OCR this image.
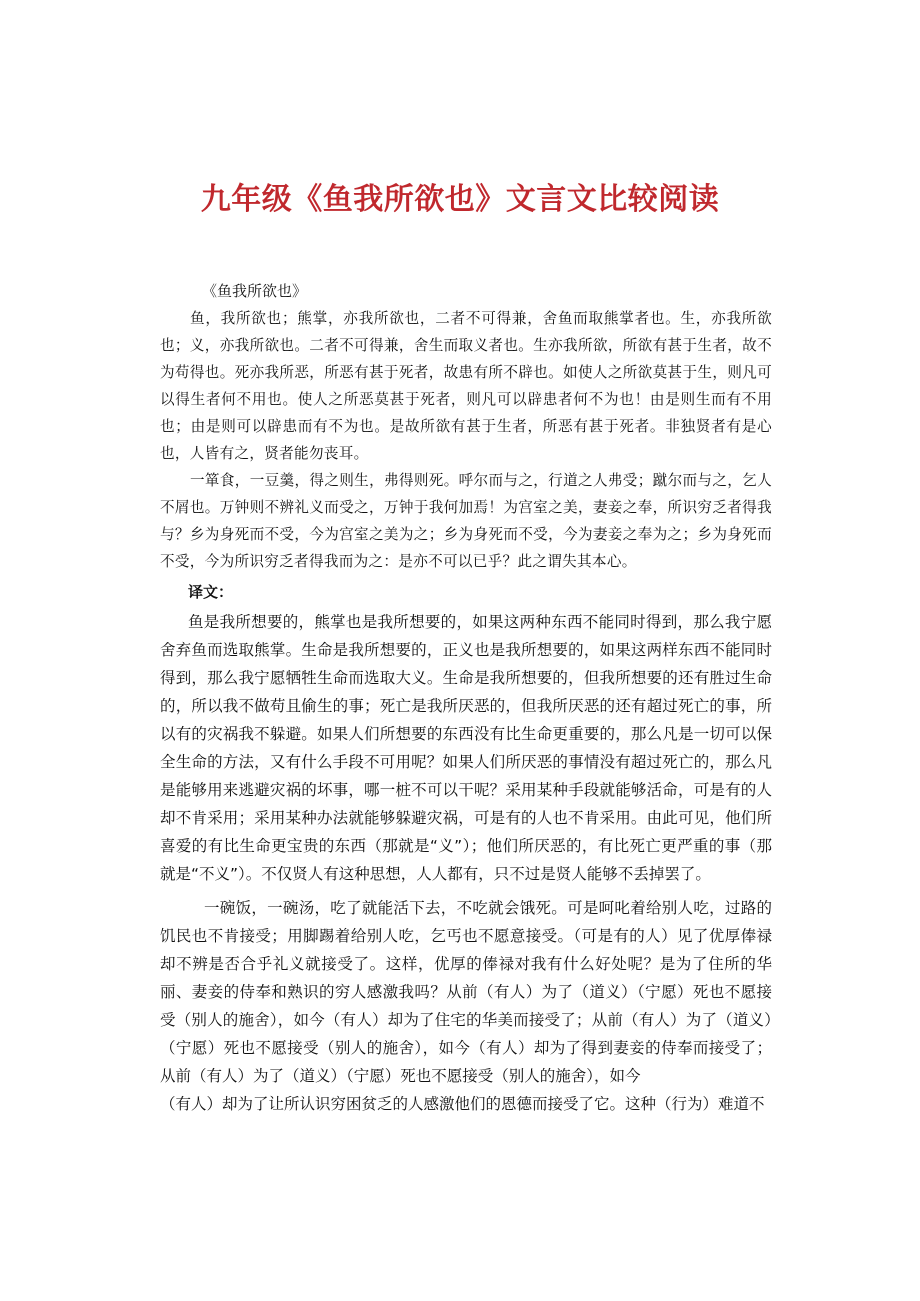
九年级《鱼我所欲也》文言文比较阅读

《鱼我所欲也》

鱼，我所欲也；熊掌，亦我所欲也，二者不可得兼，舍鱼而取熊掌者也。生，亦我所欲也；义，亦我所欲也。二者不可得兼，舍生而取义者也。生亦我所欲，所欲有甚于生者，故不为苟得也。死亦我所恶，所恶有甚于死者，故患有所不辟也。如使人之所欲莫甚于生，则凡可以得生者何不用也。使人之所恶莫甚于死者，则凡可以辟患者何不为也！由是则生而有不用也；由是则可以辟患而有不为也。是故所欲有甚于生者，所恶有甚于死者。非独贤者有是心也，人皆有之，贤者能勿丧耳。

一箪食，一豆羹，得之则生，弗得则死。呼尔而与之，行道之人弗受；蹴尔而与之，乞人不屑也。万钟则不辨礼义而受之，万钟于我何加焉！为宫室之美，妻妾之奉，所识穷乏者得我与？乡为身死而不受，今为宫室之美为之；乡为身死而不受，今为妻妾之奉为之；乡为身死而不受，今为所识穷乏者得我而为之：是亦不可以已乎？此之谓失其本心。

译文：

鱼是我所想要的，熊掌也是我所想要的，如果这两种东西不能同时得到，那么我宁愿舍弃鱼而选取熊掌。生命是我所想要的，正义也是我所想要的，如果这两样东西不能同时得到，那么我宁愿牺牲生命而选取大义。生命是我所想要的，但我所想要的还有胜过生命的，所以我不做苟且偷生的事；死亡是我所厌恶的，但我所厌恶的还有超过死亡的事，所以有的灾祸我不躲避。如果人们所想要的东西没有比生命更重要的，那么凡是一切可以保全生命的方法，又有什么手段不可用呢？如果人们所厌恶的事情没有超过死亡的，那么凡是能够用来逃避灾祸的坏事，哪一桩不可以干呢？采用某种手段就能够活命，可是有的人却不肯采用；采用某种办法就能够躲避灾祸，可是有的人也不肯采用。由此可见，他们所喜爱的有比生命更宝贵的东西（那就是“义”）；他们所厌恶的，有比死亡更严重的事（那就是“不义”）。不仅贤人有这种思想，人人都有，只不过是贤人能够不丢掉罢了。

一碗饭，一碗汤，吃了就能活下去，不吃就会饿死。可是呵叱着给别人吃，过路的饥民也不肯接受；用脚踢着给别人吃，乞丐也不愿意接受。（可是有的人）见了优厚俸禄却不辨是否合乎礼义就接受了。这样，优厚的俸禄对我有什么好处呢？是为了住所的华丽、妻妾的侍奉和熟识的穷人感激我吗？从前（有人）为了（道义）（宁愿）死也不愿接受（别人的施舍），如今（有人）却为了住宅的华美而接受了；从前（有人）为了（道义）（宁愿）死也不愿接受（别人的施舍），如今（有人）却为了得到妻妾的侍奉而接受了；从前（有人）为了（道义）（宁愿）死也不愿接受（别人的施舍），如今

（有人）却为了让所认识穷困贫乏的人感激他们的恩德而接受了它。这种（行为）难道不
